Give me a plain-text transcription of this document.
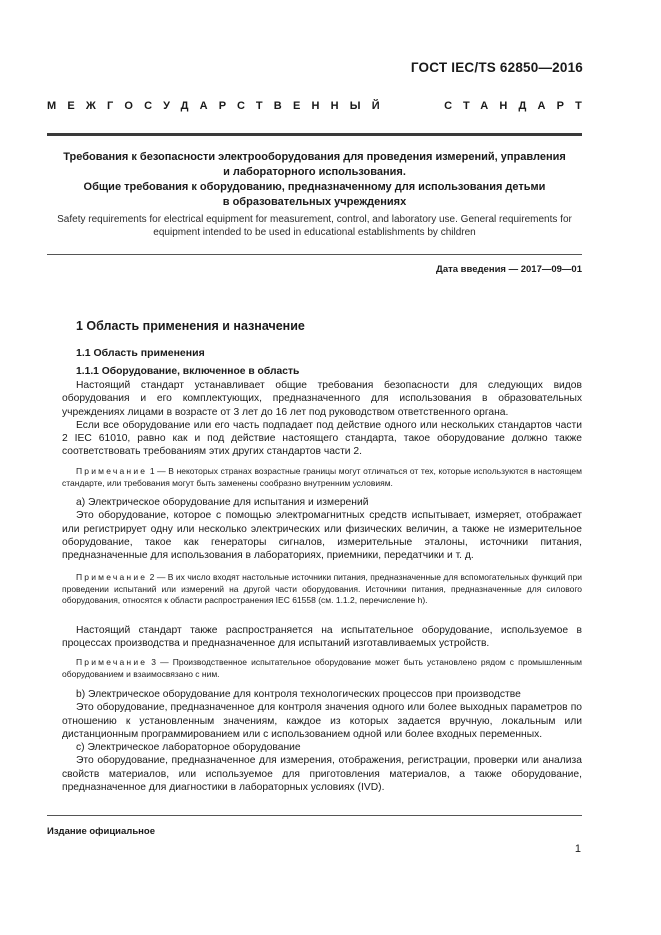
ГОСТ IEC/TS 62850—2016
МЕЖГОСУДАРСТВЕННЫЙ	СТАНДАРТ
Требования к безопасности электрооборудования для проведения измерений, управления
и лабораторного использования.
Общие требования к оборудованию, предназначенному для использования детьми
в образовательных учреждениях
Safety requirements for electrical equipment for measurement, control, and laboratory use. General requirements for
equipment intended to be used in educational establishments by children
Дата введения — 2017—09—01
1 Область применения и назначение
1.1 Область применения
1.1.1 Оборудование, включенное в область

Настоящий стандарт устанавливает общие требования безопасности для следующих видов оборудования и его комплектующих, предназначенного для использования в образовательных учреждениях лицами в возрасте от 3 лет до 16 лет под руководством ответственного органа.

Если все оборудование или его часть подпадает под действие одного или нескольких стандартов части 2 IEC 61010, равно как и под действие настоящего стандарта, такое оборудование должно также соответствовать требованиям этих других стандартов части 2.

Примечание 1 — В некоторых странах возрастные границы могут отличаться от тех, которые используются в настоящем стандарте, или требования могут быть заменены сообразно внутренним условиям.

a) Электрическое оборудование для испытания и измерений

Это оборудование, которое с помощью электромагнитных средств испытывает, измеряет, отображает или регистрирует одну или несколько электрических или физических величин, а также не измерительное оборудование, такое как генераторы сигналов, измерительные эталоны, источники питания, предназначенные для использования в лабораториях, приемники, передатчики и т. д.

Примечание 2 — В их число входят настольные источники питания, предназначенные для вспомогательных функций при проведении испытаний или измерений на другой части оборудования. Источники питания, предназначенные для силового оборудования, относятся к области распространения IEC 61558 (см. 1.1.2, перечисление h).

Настоящий стандарт также распространяется на испытательное оборудование, используемое в процессах производства и предназначенное для испытаний изготавливаемых устройств.

Примечание 3 — Производственное испытательное оборудование может быть установлено рядом с промышленным оборудованием и взаимосвязано с ним.

b) Электрическое оборудование для контроля технологических процессов при производстве

Это оборудование, предназначенное для контроля значения одного или более выходных параметров по отношению к установленным значениям, каждое из которых задается вручную, локальным или дистанционным программированием или с использованием одной или более входных переменных.

c) Электрическое лабораторное оборудование

Это оборудование, предназначенное для измерения, отображения, регистрации, проверки или анализа свойств материалов, или используемое для приготовления материалов, а также оборудование, предназначенное для диагностики в лабораторных условиях (IVD).

Издание официальное
1
